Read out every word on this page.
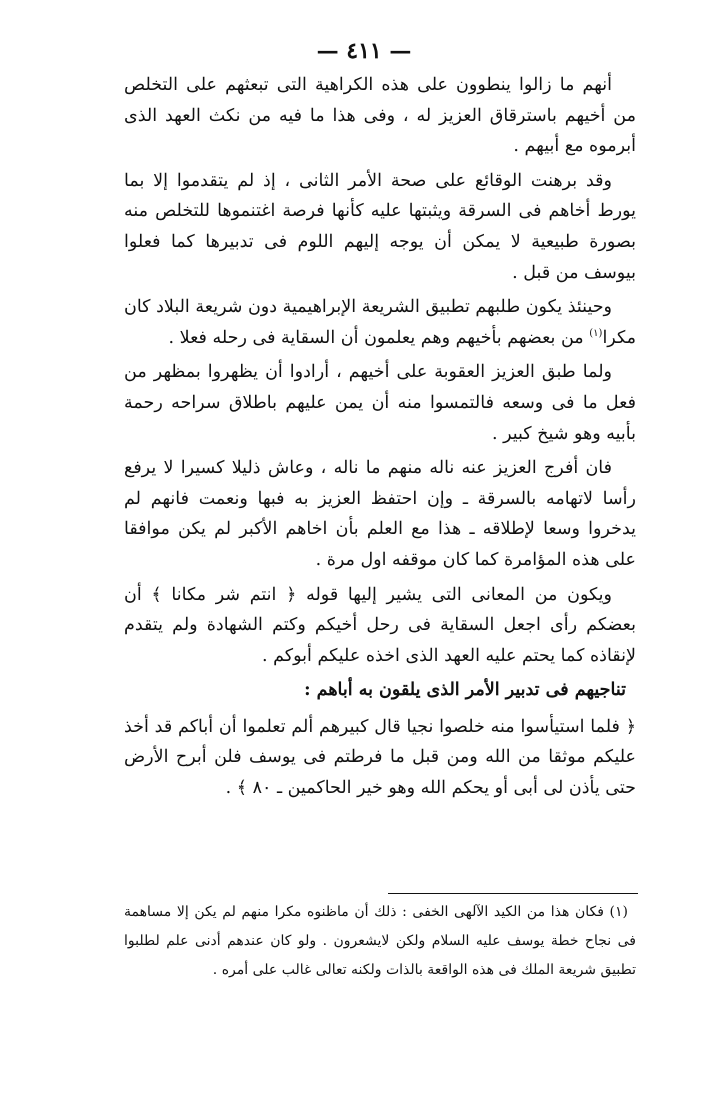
— ٤١١ —

أنهم ما زالوا ينطوون على هذه الكراهية التى تبعثهم على التخلص من أخيهم باسترقاق العزيز له ، وفى هذا ما فيه من نكث العهد الذى أبرموه مع أبيهم .

وقد برهنت الوقائع على صحة الأمر الثانى ، إذ لم يتقدموا إلا بما يورط أخاهم فى السرقة ويثبتها عليه كأنها فرصة اغتنموها للتخلص منه بصورة طبيعية لا يمكن أن يوجه إليهم اللوم فى تدبيرها كما فعلوا بيوسف من قبل .

وحينئذ يكون طلبهم تطبيق الشريعة الإبراهيمية دون شريعة البلاد كان مكرا$^{(١)}$ من بعضهم بأخيهم وهم يعلمون أن السقاية فى رحله فعلا .

ولما طبق العزيز العقوبة على أخيهم ، أرادوا أن يظهروا بمظهر من فعل ما فى وسعه فالتمسوا منه أن يمن عليهم باطلاق سراحه رحمة بأبيه وهو شيخ كبير .

فان أفرج العزيز عنه ناله منهم ما ناله ، وعاش ذليلا كسيرا لا يرفع رأسا لاتهامه بالسرقة ـ وإن احتفظ العزيز به فبها ونعمت فانهم لم يدخروا وسعا لإطلاقه ـ هذا مع العلم بأن اخاهم الأكبر لم يكن موافقا على هذه المؤامرة كما كان موقفه اول مرة .

ويكون من المعانى التى يشير إليها قوله ﴿ انتم شر مكانا ﴾ أن بعضكم رأى اجعل السقاية فى رحل أخيكم وكتم الشهادة ولم يتقدم لإنقاذه كما يحتم عليه العهد الذى اخذه عليكم أبوكم .

تناجيهم فى تدبير الأمر الذى يلقون به أباهم :

﴿ فلما استيأسوا منه خلصوا نجيا قال كبيرهم ألم تعلموا أن أباكم قد أخذ عليكم موثقا من الله ومن قبل ما فرطتم فى يوسف فلن أبرح الأرض حتى يأذن لى أبى أو يحكم الله وهو خير الحاكمين ـ ٨٠ ﴾ .

(١) فكان هذا من الكيد الآلهى الخفى : ذلك أن ماظنوه مكرا منهم لم يكن إلا مساهمة فى نجاح خطة يوسف عليه السلام ولكن لايشعرون . ولو كان عندهم أدنى علم لطلبوا تطبيق شريعة الملك فى هذه الواقعة بالذات ولكنه تعالى غالب على أمره .
